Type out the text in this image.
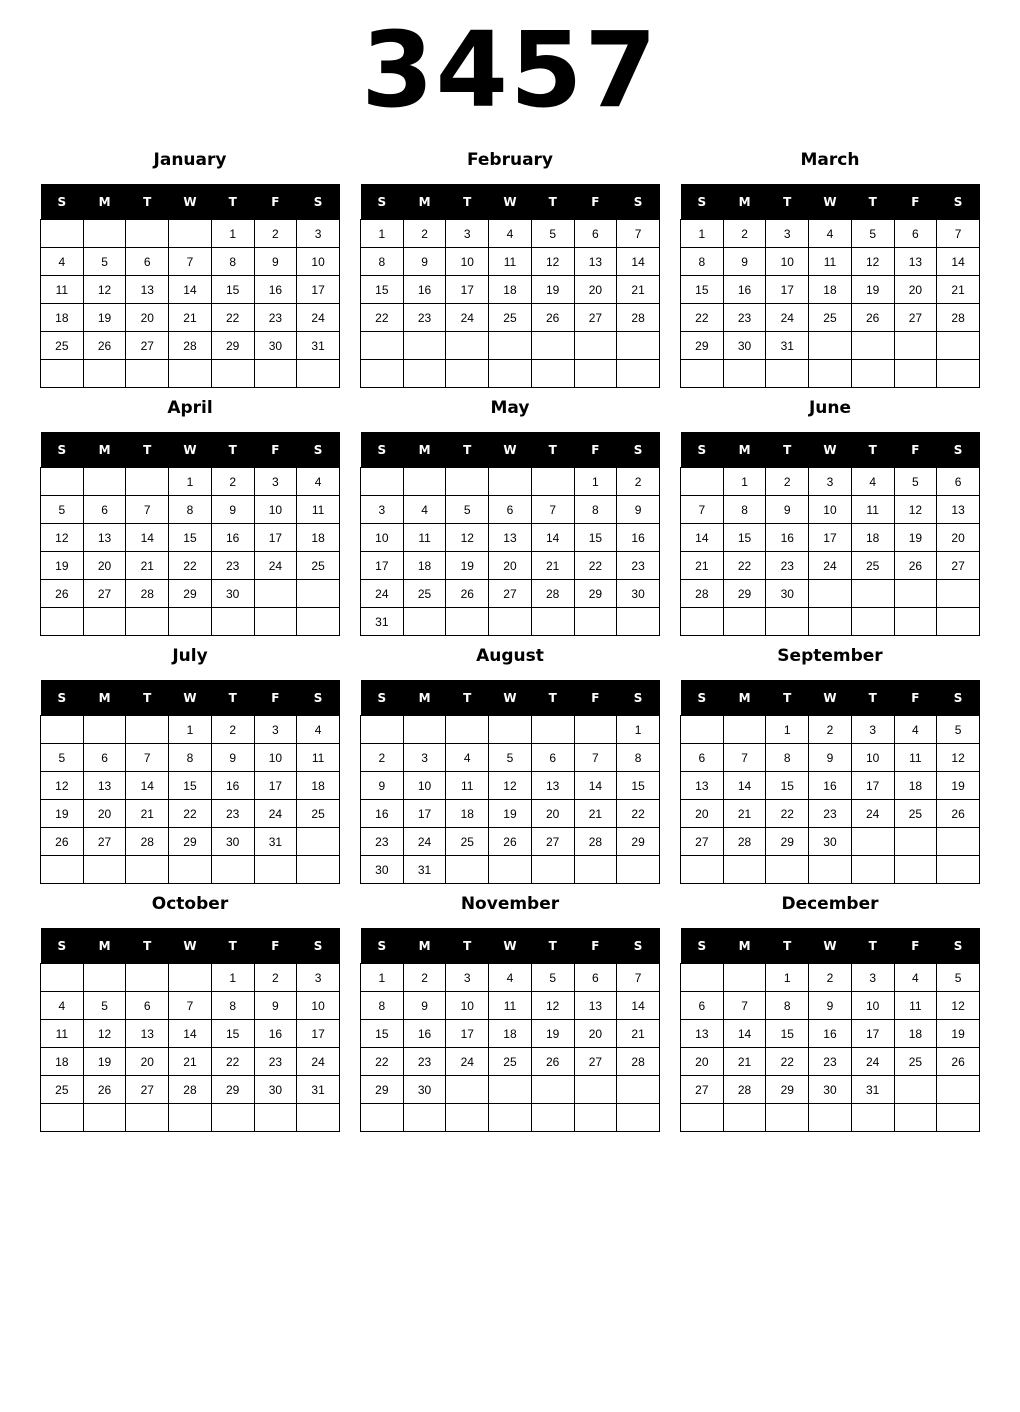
3457
January
S	M	T	W	T	F	S
				1	2	3
4	5	6	7	8	9	10
11	12	13	14	15	16	17
18	19	20	21	22	23	24
25	26	27	28	29	30	31

February
S	M	T	W	T	F	S
1	2	3	4	5	6	7
8	9	10	11	12	13	14
15	16	17	18	19	20	21
22	23	24	25	26	27	28

March
S	M	T	W	T	F	S
1	2	3	4	5	6	7
8	9	10	11	12	13	14
15	16	17	18	19	20	21
22	23	24	25	26	27	28
29	30	31				

April
S	M	T	W	T	F	S
			1	2	3	4
5	6	7	8	9	10	11
12	13	14	15	16	17	18
19	20	21	22	23	24	25
26	27	28	29	30		

May
S	M	T	W	T	F	S
					1	2
3	4	5	6	7	8	9
10	11	12	13	14	15	16
17	18	19	20	21	22	23
24	25	26	27	28	29	30
31						
June
S	M	T	W	T	F	S
	1	2	3	4	5	6
7	8	9	10	11	12	13
14	15	16	17	18	19	20
21	22	23	24	25	26	27
28	29	30				

July
S	M	T	W	T	F	S
			1	2	3	4
5	6	7	8	9	10	11
12	13	14	15	16	17	18
19	20	21	22	23	24	25
26	27	28	29	30	31	

August
S	M	T	W	T	F	S
						1
2	3	4	5	6	7	8
9	10	11	12	13	14	15
16	17	18	19	20	21	22
23	24	25	26	27	28	29
30	31					
September
S	M	T	W	T	F	S
		1	2	3	4	5
6	7	8	9	10	11	12
13	14	15	16	17	18	19
20	21	22	23	24	25	26
27	28	29	30			

October
S	M	T	W	T	F	S
				1	2	3
4	5	6	7	8	9	10
11	12	13	14	15	16	17
18	19	20	21	22	23	24
25	26	27	28	29	30	31

November
S	M	T	W	T	F	S
1	2	3	4	5	6	7
8	9	10	11	12	13	14
15	16	17	18	19	20	21
22	23	24	25	26	27	28
29	30					

December
S	M	T	W	T	F	S
		1	2	3	4	5
6	7	8	9	10	11	12
13	14	15	16	17	18	19
20	21	22	23	24	25	26
27	28	29	30	31		
